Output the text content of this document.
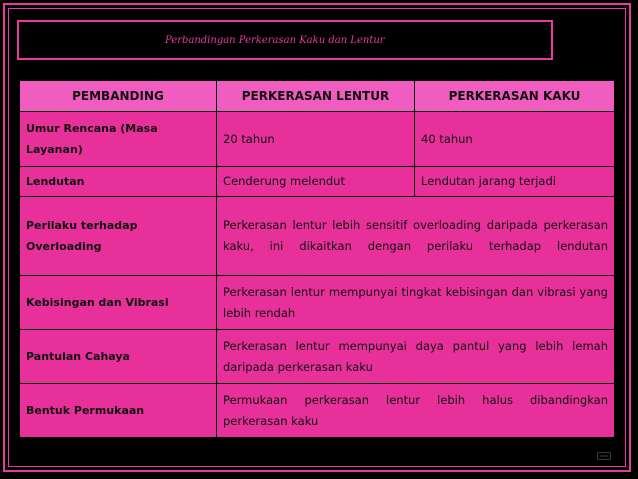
Perbandingan Perkerasan Kaku dan Lentur
PEMBANDING	PERKERASAN LENTUR	PERKERASAN KAKU
Umur Rencana (Masa Layanan)	20 tahun	40 tahun
Lendutan	Cenderung melendut	Lendutan jarang terjadi
Perilaku terhadap Overloading	Perkerasan lentur lebih sensitif overloading daripada perkerasan kaku, ini dikaitkan dengan perilaku terhadap lendutan	
Kebisingan dan Vibrasi	Perkerasan lentur mempunyai tingkat kebisingan dan vibrasi yang lebih rendah	
Pantulan Cahaya	Perkerasan lentur mempunyai daya pantul yang lebih lemah daripada perkerasan kaku	
Bentuk Permukaan	Permukaan perkerasan lentur lebih halus dibandingkan perkerasan kaku	
